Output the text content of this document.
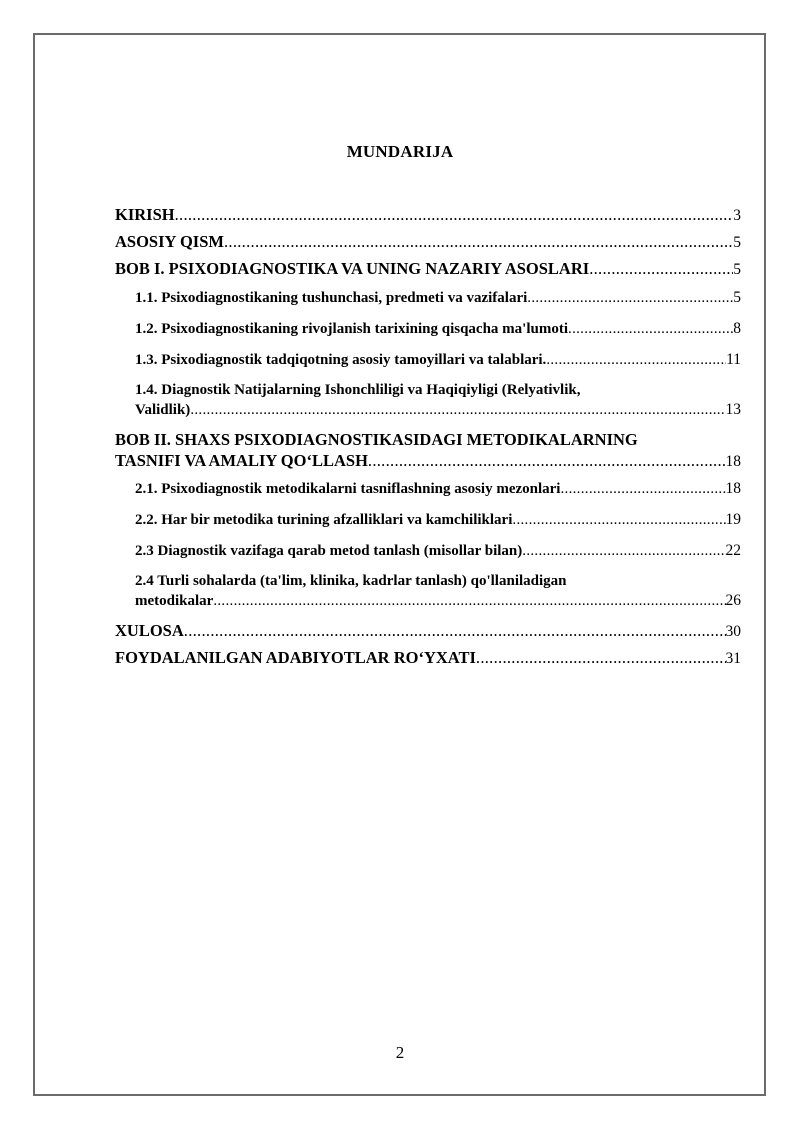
MUNDARIJA
KIRISH .....	3
ASOSIY QISM .....	5
BOB I. PSIXODIAGNOSTIKA VA UNING NAZARIY ASOSLARI .....	5
1.1. Psixodiagnostikaning tushunchasi, predmeti va vazifalari .....	5
1.2. Psixodiagnostikaning rivojlanish tarixining qisqacha ma'lumoti .....	8
1.3. Psixodiagnostik tadqiqotning asosiy tamoyillari va talablari. .....	11
1.4. Diagnostik Natijalarning Ishonchliligi va Haqiqiyligi (Relyativlik,
Validlik) .....	13
BOB II. SHAXS PSIXODIAGNOSTIKASIDAGI METODIKALARNING
TASNIFI VA AMALIY QO‘LLASH .....	18
2.1. Psixodiagnostik metodikalarni tasniflashning asosiy mezonlari .....	18
2.2. Har bir metodika turining afzalliklari va kamchiliklari .....	19
2.3 Diagnostik vazifaga qarab metod tanlash (misollar bilan) .....	22
2.4 Turli sohalarda (ta'lim, klinika, kadrlar tanlash) qo'llaniladigan
metodikalar .....	26
XULOSA .....	30
FOYDALANILGAN ADABIYOTLAR RO‘YXATI .....	31
2
